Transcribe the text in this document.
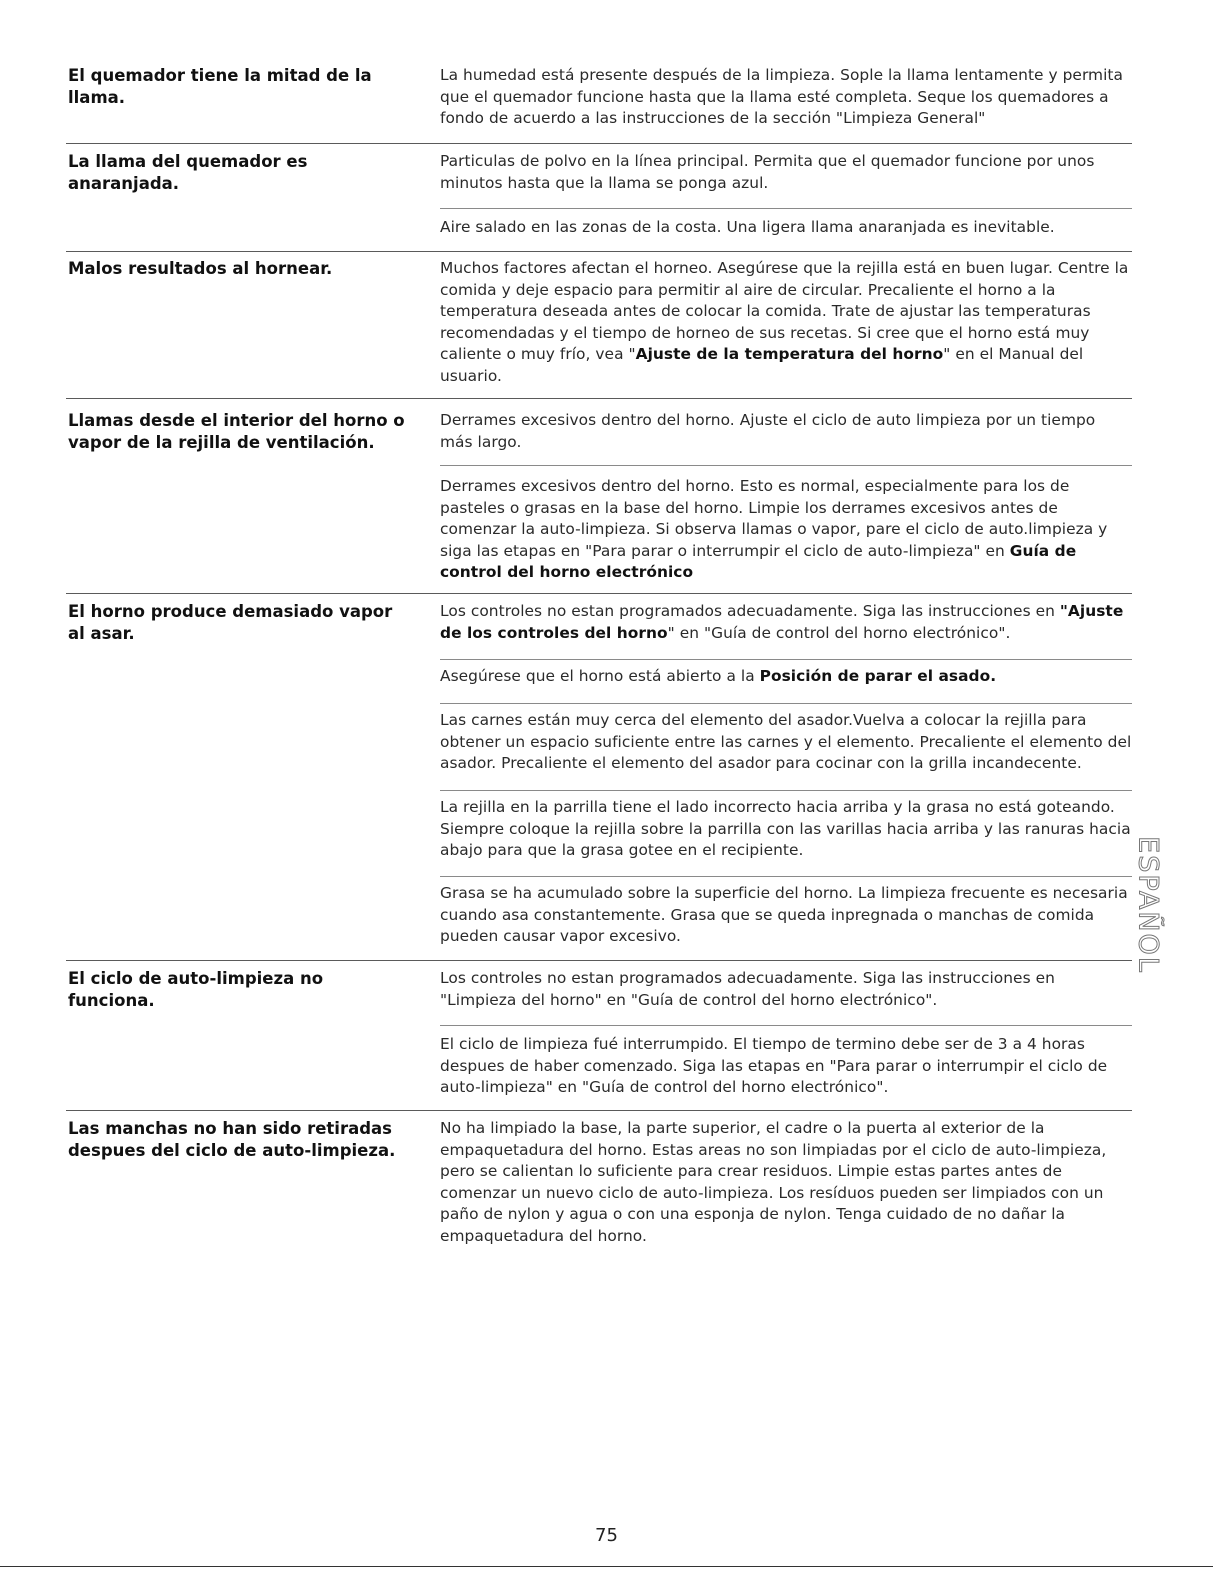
El quemador tiene la mitad de la llama.
La humedad está presente después de la limpieza. Sople la llama lentamente y permita que el quemador funcione hasta que la llama esté completa. Seque los quemadores a fondo de acuerdo a las instrucciones de la sección "Limpieza General"
La llama del quemador es anaranjada.
Particulas de polvo en la línea principal. Permita que el quemador funcione por unos minutos hasta que la llama se ponga azul.
Aire salado en las zonas de la costa. Una ligera llama anaranjada es inevitable.
Malos resultados al hornear.	Muchos factores afectan el horneo. Asegúrese que la rejilla está en buen lugar. Centre la comida y deje espacio para permitir al aire de circular. Precaliente el horno a la temperatura deseada antes de colocar la comida. Trate de ajustar las temperaturas recomendadas y el tiempo de horneo de sus recetas. Si cree que el horno está muy caliente o muy frío, vea "Ajuste de la temperatura del horno" en el Manual del usuario.
Llamas desde el interior del horno o vapor de la rejilla de ventilación.
Derrames excesivos dentro del horno. Ajuste el ciclo de auto limpieza por un tiempo más largo.
Derrames excesivos dentro del horno. Esto es normal, especialmente para los de pasteles o grasas en la base del horno. Limpie los derrames excesivos antes de comenzar la auto-limpieza. Si observa llamas o vapor, pare el ciclo de auto.limpieza y siga las etapas en "Para parar o interrumpir el ciclo de auto-limpieza" en Guía de control del horno electrónico
El horno produce demasiado vapor al asar.
Los controles no estan programados adecuadamente. Siga las instrucciones en "Ajuste de los controles del horno" en "Guía de control del horno electrónico".
Asegúrese que el horno está abierto a la Posición de parar el asado.
Las carnes están muy cerca del elemento del asador.Vuelva a colocar la rejilla para obtener un espacio suficiente entre las carnes y el elemento. Precaliente el elemento del asador. Precaliente el elemento del asador para cocinar con la grilla incandecente.
La rejilla en la parrilla tiene el lado incorrecto hacia arriba y la grasa no está goteando. Siempre coloque la rejilla sobre la parrilla con las varillas hacia arriba y las ranuras hacia abajo para que la grasa gotee en el recipiente.
Grasa se ha acumulado sobre la superficie del horno. La limpieza frecuente es necesaria cuando asa constantemente. Grasa que se queda inpregnada o manchas de comida pueden causar vapor excesivo.
El ciclo de auto-limpieza no funciona.
Los controles no estan programados adecuadamente. Siga las instrucciones en "Limpieza del horno" en "Guía de control del horno electrónico".
El ciclo de limpieza fué interrumpido. El tiempo de termino debe ser de 3 a 4 horas despues de haber comenzado. Siga las etapas en "Para parar o interrumpir el ciclo de auto-limpieza" en "Guía de control del horno electrónico".
Las manchas no han sido retiradas despues del ciclo de auto-limpieza.
No ha limpiado la base, la parte superior, el cadre o la puerta al exterior de la empaquetadura del horno. Estas areas no son limpiadas por el ciclo de auto-limpieza, pero se calientan lo suficiente para crear residuos. Limpie estas partes antes de comenzar un nuevo ciclo de auto-limpieza. Los resíduos pueden ser limpiados con un paño de nylon y agua o con una esponja de nylon. Tenga cuidado de no dañar la empaquetadura del horno.
ESPAÑOL
75
